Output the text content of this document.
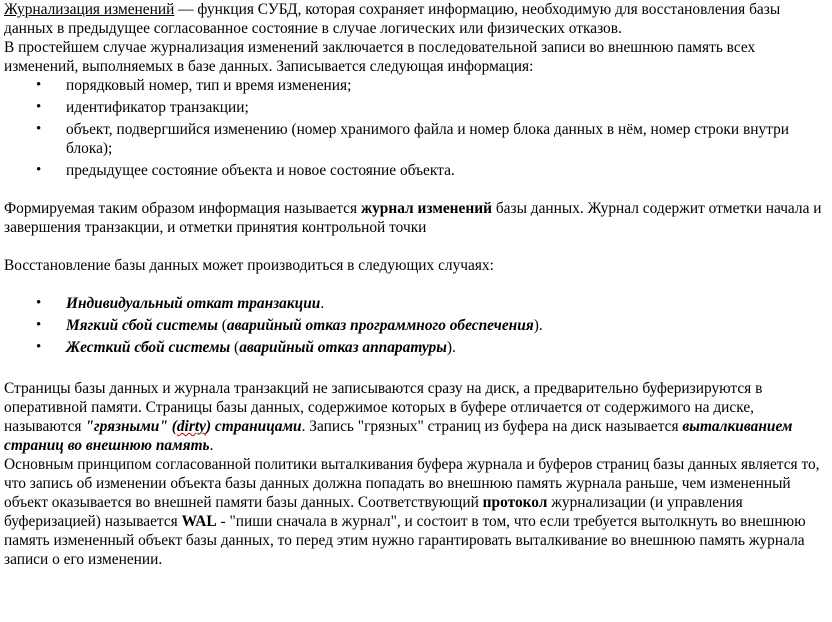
Журнализация изменений — функция СУБД, которая сохраняет информацию, необходимую для восстановления базы данных в предыдущее согласованное состояние в случае логических или физических отказов.

В простейшем случае журнализация изменений заключается в последовательной записи во внешнюю память всех изменений, выполняемых в базе данных. Записывается следующая информация:

• порядковый номер, тип и время изменения;
• идентификатор транзакции;
• объект, подвергшийся изменению (номер хранимого файла и номер блока данных в нём, номер строки внутри блока);
• предыдущее состояние объекта и новое состояние объекта.

Формируемая таким образом информация называется журнал изменений базы данных. Журнал содержит отметки начала и завершения транзакции, и отметки принятия контрольной точки

Восстановление базы данных может производиться в следующих случаях:

• Индивидуальный откат транзакции.
• Мягкий сбой системы (аварийный отказ программного обеспечения).
• Жесткий сбой системы (аварийный отказ аппаратуры).

Страницы базы данных и журнала транзакций не записываются сразу на диск, а предварительно буферизируются в оперативной памяти. Страницы базы данных, содержимое которых в буфере отличается от содержимого на диске, называются "грязными" (dirty) страницами. Запись "грязных" страниц из буфера на диск называется выталкиванием страниц во внешнюю память.

Основным принципом согласованной политики выталкивания буфера журнала и буферов страниц базы данных является то, что запись об изменении объекта базы данных должна попадать во внешнюю память журнала раньше, чем измененный объект оказывается во внешней памяти базы данных. Соответствующий протокол журнализации (и управления буферизацией) называется WAL - "пиши сначала в журнал", и состоит в том, что если требуется вытолкнуть во внешнюю память измененный объект базы данных, то перед этим нужно гарантировать выталкивание во внешнюю память журнала записи о его изменении.
